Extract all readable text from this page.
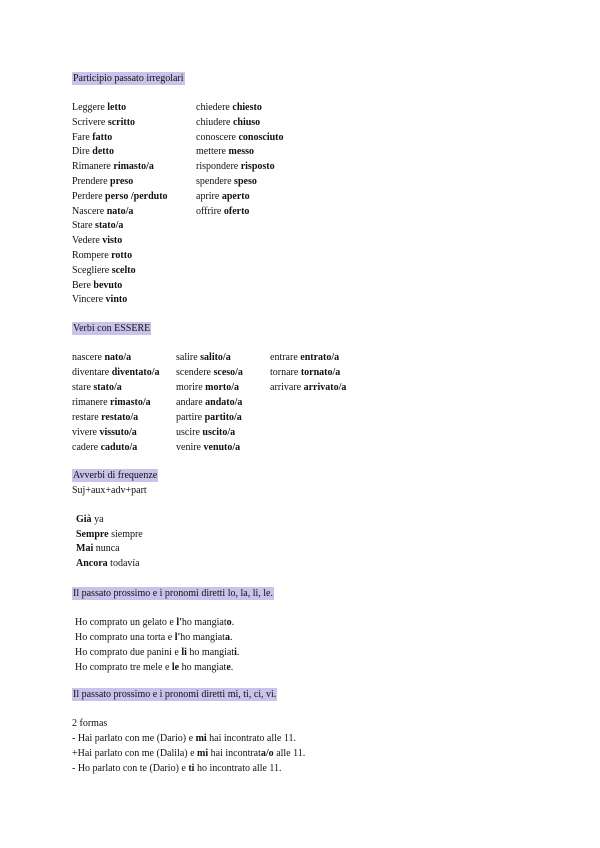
Participio passato irregolari
Leggere letto
Scrivere scritto
Fare fatto
Dire detto
Rimanere rimasto/a
Prendere preso
Perdere perso /perduto
Nascere nato/a
Stare stato/a
Vedere visto
Rompere rotto
Scegliere scelto
Bere bevuto
Vincere vinto
chiedere chiesto
chiudere chiuso
conoscere conosciuto
mettere messo
rispondere risposto
spendere speso
aprire aperto
offrire oferto
Verbi con ESSERE
nascere nato/a
diventare diventato/a
stare stato/a
rimanere rimasto/a
restare restato/a
vivere vissuto/a
cadere caduto/a
salire salito/a
scendere sceso/a
morire morto/a
andare andato/a
partire partito/a
uscire uscito/a
venire venuto/a
entrare entrato/a
tornare tornato/a
arrivare arrivato/a
Avverbi di frequenze
Suj+aux+adv+part
Già ya
Sempre siempre
Mai nunca
Ancora todavía
Il passato prossimo e i pronomi diretti lo, la, li, le.
Ho comprato un gelato e l'ho mangiato.
Ho comprato una torta e l'ho mangiata.
Ho comprato due panini e li ho mangiati.
Ho comprato tre mele e le ho mangiate.
Il passato prossimo e i pronomi diretti mi, ti, ci, vi.
2 formas
- Hai parlato con me (Dario) e mi hai incontrato alle 11.
+Hai parlato con me (Dalila) e mi hai incontrata/o alle 11.
- Ho parlato con te (Dario) e ti ho incontrato alle 11.
